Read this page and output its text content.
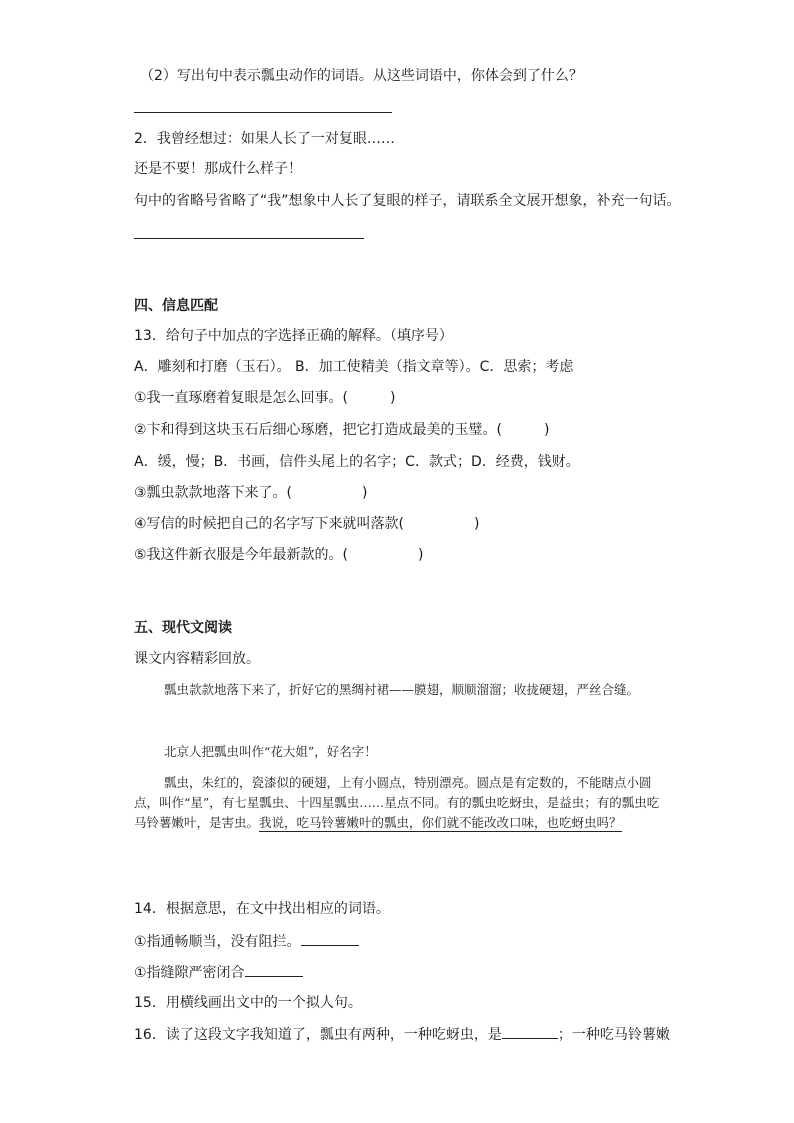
（2）写出句中表示瓢虫动作的词语。从这些词语中，你体会到了什么？
2．我曾经想过：如果人长了一对复眼……
还是不要！那成什么样子！
句中的省略号省略了“我”想象中人长了复眼的样子，请联系全文展开想象，补充一句话。
四、信息匹配
13．给句子中加点的字选择正确的解释。（填序号）
A．雕刻和打磨（玉石）。 B．加工使精美（指文章等）。C．思索；考虑
①我一直琢磨着复眼是怎么回事。(　　　)
②卞和得到这块玉石后细心琢磨，把它打造成最美的玉璧。(　　　)
A．缓，慢；B．书画，信件头尾上的名字；C．款式；D．经费，钱财。
③瓢虫款款地落下来了。(　　　　　)
④写信的时候把自己的名字写下来就叫落款(　　　　　)
⑤我这件新衣服是今年最新款的。(　　　　　)
五、现代文阅读
课文内容精彩回放。
瓢虫款款地落下来了，折好它的黑绸衬裙——膜翅，顺顺溜溜；收拢硬翅，严丝合缝。
北京人把瓢虫叫作“花大姐”，好名字！
瓢虫，朱红的，瓷漆似的硬翅，上有小圆点，特别漂亮。圆点是有定数的，不能瞎点小圆点，叫作“星”，有七星瓢虫、十四星瓢虫……星点不同。有的瓢虫吃蚜虫，是益虫；有的瓢虫吃马铃薯嫩叶，是害虫。我说，吃马铃薯嫩叶的瓢虫，你们就不能改改口味，也吃蚜虫吗？
14．根据意思，在文中找出相应的词语。
①指通畅顺当，没有阻拦。
①指缝隙严密闭合
15．用横线画出文中的一个拟人句。
16．读了这段文字我知道了，瓢虫有两种，一种吃蚜虫，是	；一种吃马铃薯嫩
